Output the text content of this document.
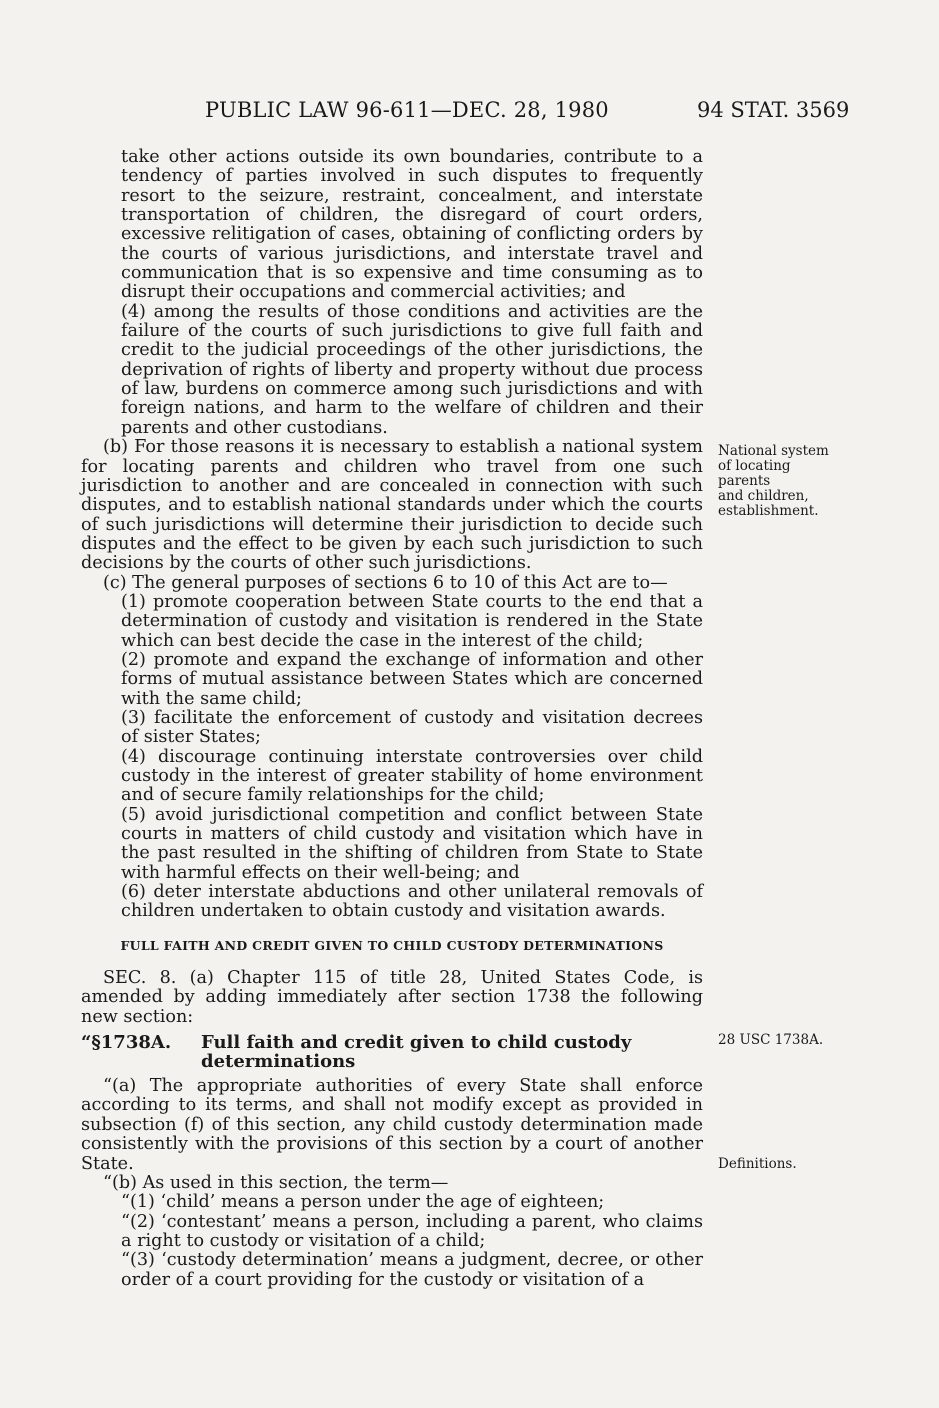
PUBLIC LAW 96-611—DEC. 28, 1980	94 STAT. 3569

take other actions outside its own boundaries, contribute to a tendency of parties involved in such disputes to frequently resort to the seizure, restraint, concealment, and interstate transportation of children, the disregard of court orders, excessive relitigation of cases, obtaining of conflicting orders by the courts of various jurisdictions, and interstate travel and communication that is so expensive and time consuming as to disrupt their occupations and commercial activities; and

(4) among the results of those conditions and activities are the failure of the courts of such jurisdictions to give full faith and credit to the judicial proceedings of the other jurisdictions, the deprivation of rights of liberty and property without due process of law, burdens on commerce among such jurisdictions and with foreign nations, and harm to the welfare of children and their parents and other custodians.

(b) For those reasons it is necessary to establish a national system for locating parents and children who travel from one such jurisdiction to another and are concealed in connection with such disputes, and to establish national standards under which the courts of such jurisdictions will determine their jurisdiction to decide such disputes and the effect to be given by each such jurisdiction to such decisions by the courts of other such jurisdictions.

(c) The general purposes of sections 6 to 10 of this Act are to—

(1) promote cooperation between State courts to the end that a determination of custody and visitation is rendered in the State which can best decide the case in the interest of the child;

(2) promote and expand the exchange of information and other forms of mutual assistance between States which are concerned with the same child;

(3) facilitate the enforcement of custody and visitation decrees of sister States;

(4) discourage continuing interstate controversies over child custody in the interest of greater stability of home environment and of secure family relationships for the child;

(5) avoid jurisdictional competition and conflict between State courts in matters of child custody and visitation which have in the past resulted in the shifting of children from State to State with harmful effects on their well-being; and

(6) deter interstate abductions and other unilateral removals of children undertaken to obtain custody and visitation awards.

FULL FAITH AND CREDIT GIVEN TO CHILD CUSTODY DETERMINATIONS

SEC. 8. (a) Chapter 115 of title 28, United States Code, is amended by adding immediately after section 1738 the following new section:

“§1738A.	Full faith and credit given to child custody determinations

“(a) The appropriate authorities of every State shall enforce according to its terms, and shall not modify except as provided in subsection (f) of this section, any child custody determination made consistently with the provisions of this section by a court of another State.

“(b) As used in this section, the term—

“(1) ‘child’ means a person under the age of eighteen;

“(2) ‘contestant’ means a person, including a parent, who claims a right to custody or visitation of a child;

“(3) ‘custody determination’ means a judgment, decree, or other order of a court providing for the custody or visitation of a

National system
of locating
parents
and children,
establishment.
28 USC 1738A.
Definitions.
